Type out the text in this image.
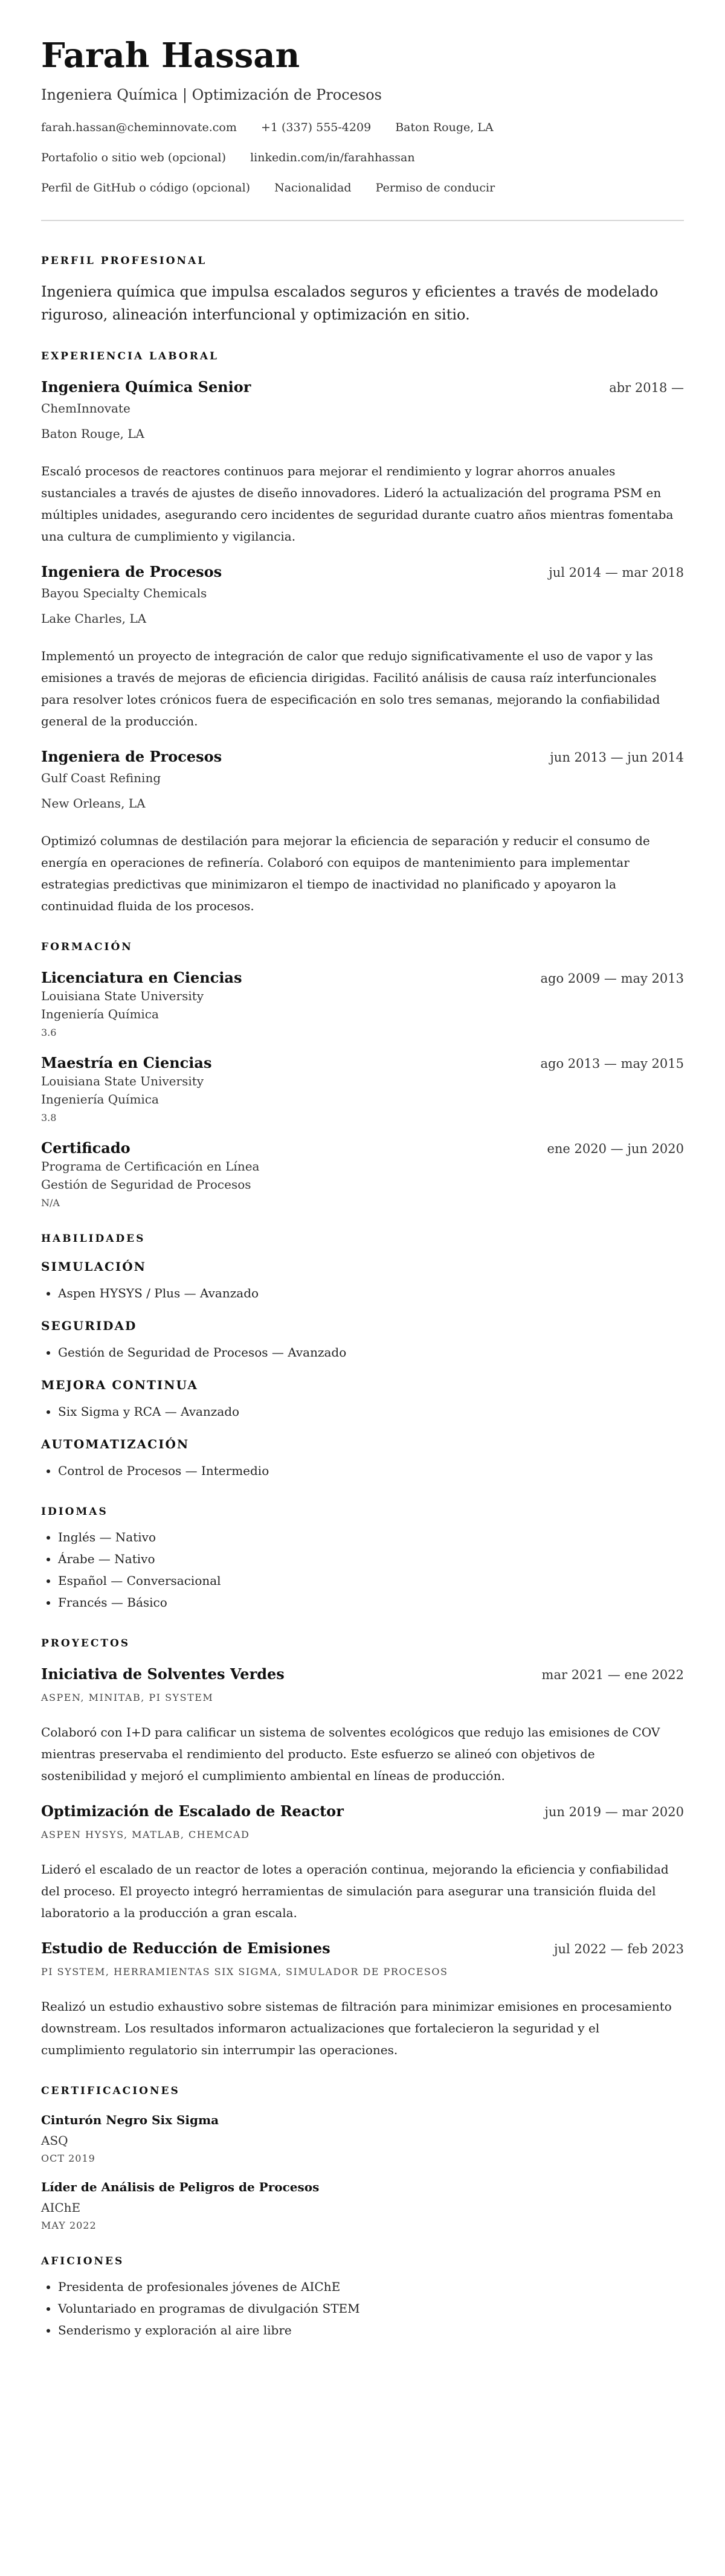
Farah Hassan
Ingeniera Química | Optimización de Procesos
farah.hassan@cheminnovate.com +1 (337) 555-4209 Baton Rouge, LA
Portafolio o sitio web (opcional) linkedin.com/in/farahhassan
Perfil de GitHub o código (opcional) Nacionalidad Permiso de conducir
PERFIL PROFESIONAL
Ingeniera química que impulsa escalados seguros y eficientes a través de modelado riguroso, alineación interfuncional y optimización en sitio.
EXPERIENCIA LABORAL
Ingeniera Química Senior	abr 2018 —
ChemInnovate
Baton Rouge, LA
Escaló procesos de reactores continuos para mejorar el rendimiento y lograr ahorros anuales sustanciales a través de ajustes de diseño innovadores. Lideró la actualización del programa PSM en múltiples unidades, asegurando cero incidentes de seguridad durante cuatro años mientras fomentaba una cultura de cumplimiento y vigilancia.
Ingeniera de Procesos	jul 2014 — mar 2018
Bayou Specialty Chemicals
Lake Charles, LA
Implementó un proyecto de integración de calor que redujo significativamente el uso de vapor y las emisiones a través de mejoras de eficiencia dirigidas. Facilitó análisis de causa raíz interfuncionales para resolver lotes crónicos fuera de especificación en solo tres semanas, mejorando la confiabilidad general de la producción.
Ingeniera de Procesos	jun 2013 — jun 2014
Gulf Coast Refining
New Orleans, LA
Optimizó columnas de destilación para mejorar la eficiencia de separación y reducir el consumo de energía en operaciones de refinería. Colaboró con equipos de mantenimiento para implementar estrategias predictivas que minimizaron el tiempo de inactividad no planificado y apoyaron la continuidad fluida de los procesos.
FORMACIÓN
Licenciatura en Ciencias	ago 2009 — may 2013
Louisiana State University
Ingeniería Química
3.6
Maestría en Ciencias	ago 2013 — may 2015
Louisiana State University
Ingeniería Química
3.8
Certificado	ene 2020 — jun 2020
Programa de Certificación en Línea
Gestión de Seguridad de Procesos
N/A
HABILIDADES
SIMULACIÓN
• Aspen HYSYS / Plus — Avanzado
SEGURIDAD
• Gestión de Seguridad de Procesos — Avanzado
MEJORA CONTINUA
• Six Sigma y RCA — Avanzado
AUTOMATIZACIÓN
• Control de Procesos — Intermedio
IDIOMAS
• Inglés — Nativo
• Árabe — Nativo
• Español — Conversacional
• Francés — Básico
PROYECTOS
Iniciativa de Solventes Verdes	mar 2021 — ene 2022
ASPEN, MINITAB, PI SYSTEM
Colaboró con I+D para calificar un sistema de solventes ecológicos que redujo las emisiones de COV mientras preservaba el rendimiento del producto. Este esfuerzo se alineó con objetivos de sostenibilidad y mejoró el cumplimiento ambiental en líneas de producción.
Optimización de Escalado de Reactor	jun 2019 — mar 2020
ASPEN HYSYS, MATLAB, CHEMCAD
Lideró el escalado de un reactor de lotes a operación continua, mejorando la eficiencia y confiabilidad del proceso. El proyecto integró herramientas de simulación para asegurar una transición fluida del laboratorio a la producción a gran escala.
Estudio de Reducción de Emisiones	jul 2022 — feb 2023
PI SYSTEM, HERRAMIENTAS SIX SIGMA, SIMULADOR DE PROCESOS
Realizó un estudio exhaustivo sobre sistemas de filtración para minimizar emisiones en procesamiento downstream. Los resultados informaron actualizaciones que fortalecieron la seguridad y el cumplimiento regulatorio sin interrumpir las operaciones.
CERTIFICACIONES
Cinturón Negro Six Sigma
ASQ
OCT 2019
Líder de Análisis de Peligros de Procesos
AIChE
MAY 2022
AFICIONES
• Presidenta de profesionales jóvenes de AIChE
• Voluntariado en programas de divulgación STEM
• Senderismo y exploración al aire libre
